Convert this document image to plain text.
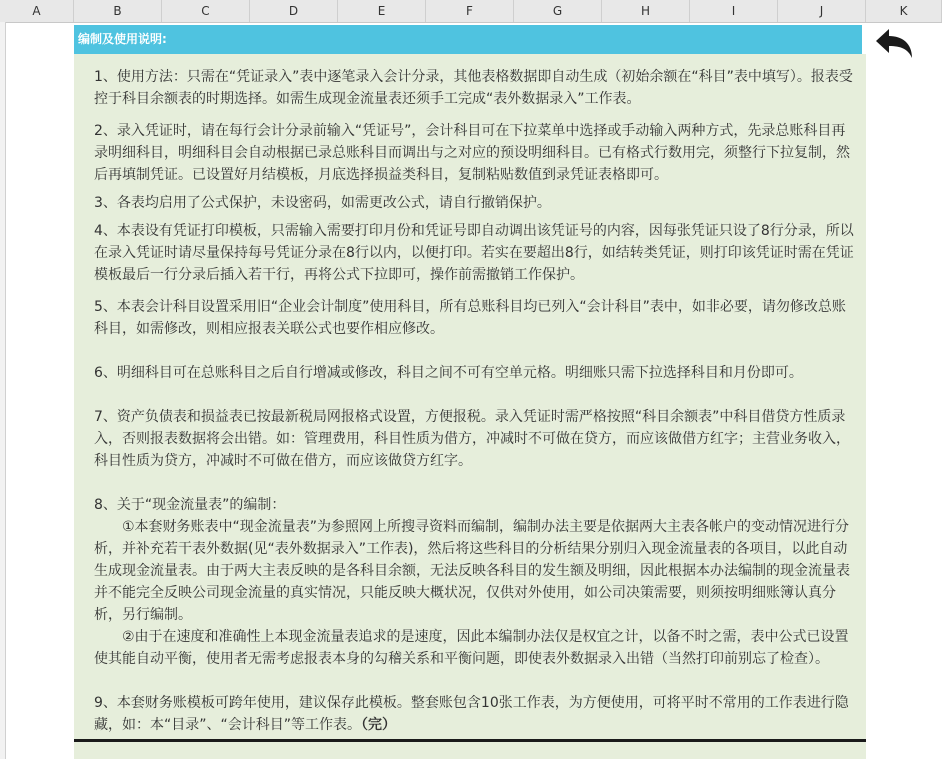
A	B	C	D	E	F	G	H	I	J	K
编制及使用说明:

1、使用方法：只需在“凭证录入”表中逐笔录入会计分录，其他表格数据即自动生成（初始余额在“科目”表中填写）。报表受控于科目余额表的时期选择。如需生成现金流量表还须手工完成“表外数据录入”工作表。

2、录入凭证时，请在每行会计分录前输入“凭证号”，会计科目可在下拉菜单中选择或手动输入两种方式，先录总账科目再录明细科目，明细科目会自动根据已录总账科目而调出与之对应的预设明细科目。已有格式行数用完，须整行下拉复制，然后再填制凭证。已设置好月结模板，月底选择损益类科目，复制粘贴数值到录凭证表格即可。

3、各表均启用了公式保护，未设密码，如需更改公式，请自行撤销保护。

4、本表设有凭证打印模板，只需输入需要打印月份和凭证号即自动调出该凭证号的内容，因每张凭证只设了8行分录，所以在录入凭证时请尽量保持每号凭证分录在8行以内，以便打印。若实在要超出8行，如结转类凭证，则打印该凭证时需在凭证模板最后一行分录后插入若干行，再将公式下拉即可，操作前需撤销工作保护。

5、本表会计科目设置采用旧“企业会计制度”使用科目，所有总账科目均已列入“会计科目”表中，如非必要，请勿修改总账科目，如需修改，则相应报表关联公式也要作相应修改。

6、明细科目可在总账科目之后自行增减或修改，科目之间不可有空单元格。明细账只需下拉选择科目和月份即可。

7、资产负债表和损益表已按最新税局网报格式设置，方便报税。录入凭证时需严格按照“科目余额表”中科目借贷方性质录入，否则报表数据将会出错。如：管理费用，科目性质为借方，冲减时不可做在贷方，而应该做借方红字；主营业务收入，科目性质为贷方，冲减时不可做在借方，而应该做贷方红字。

8、关于“现金流量表”的编制：

①本套财务账表中“现金流量表”为参照网上所搜寻资料而编制，编制办法主要是依据两大主表各帐户的变动情况进行分析，并补充若干表外数据(见“表外数据录入”工作表)，然后将这些科目的分析结果分别归入现金流量表的各项目，以此自动生成现金流量表。由于两大主表反映的是各科目余额，无法反映各科目的发生额及明细，因此根据本办法编制的现金流量表并不能完全反映公司现金流量的真实情况，只能反映大概状况，仅供对外使用，如公司决策需要，则须按明细账簿认真分析，另行编制。

②由于在速度和准确性上本现金流量表追求的是速度，因此本编制办法仅是权宜之计，以备不时之需，表中公式已设置使其能自动平衡，使用者无需考虑报表本身的勾稽关系和平衡问题，即使表外数据录入出错（当然打印前别忘了检查）。

9、本套财务账模板可跨年使用，建议保存此模板。整套账包含10张工作表，为方便使用，可将平时不常用的工作表进行隐藏，如：本“目录”、“会计科目”等工作表。（完）
